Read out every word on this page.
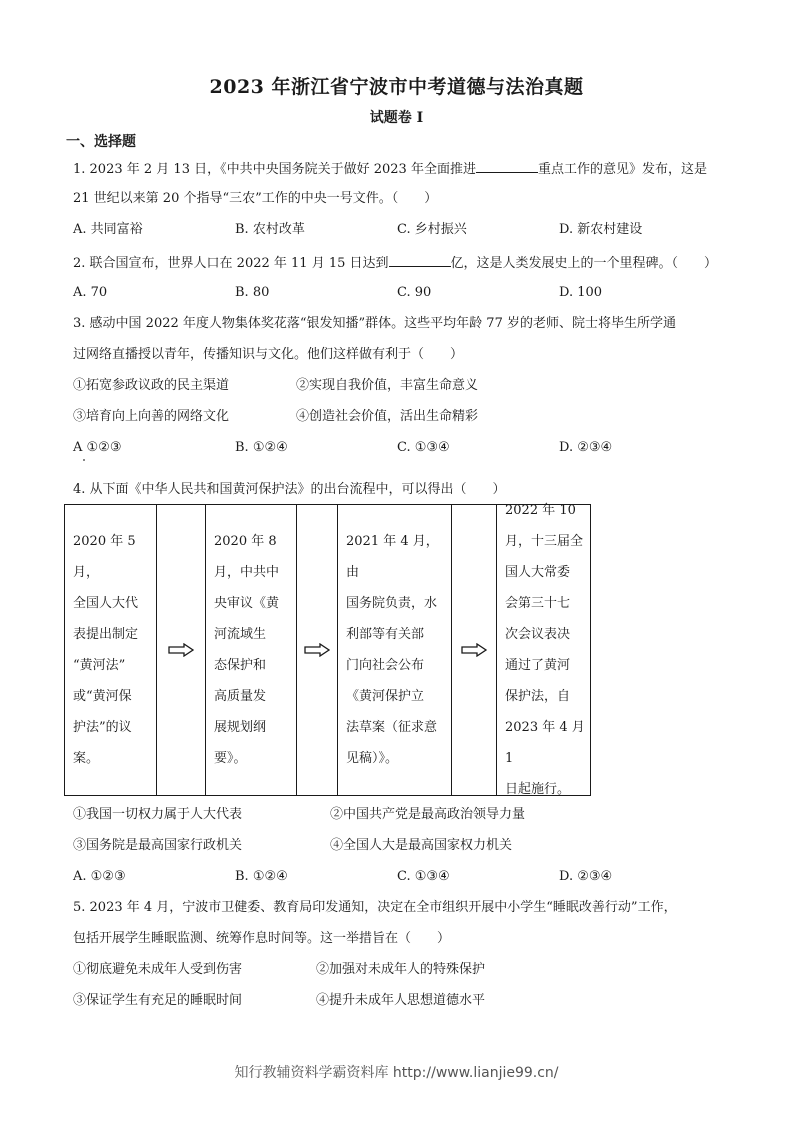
2023 年浙江省宁波市中考道德与法治真题
试题卷 I
一、选择题
1. 2023 年 2 月 13 日，《中共中央国务院关于做好 2023 年全面推进	重点工作的意见》发布，这是
21 世纪以来第 20 个指导“三农”工作的中央一号文件。（　　）
A. 共同富裕	B. 农村改革	C. 乡村振兴	D. 新农村建设
2. 联合国宣布，世界人口在 2022 年 11 月 15 日达到	亿，这是人类发展史上的一个里程碑。（　　）
A. 70	B. 80	C. 90	D. 100
3. 感动中国 2022 年度人物集体奖花落“银发知播”群体。这些平均年龄 77 岁的老师、院士将毕生所学通
过网络直播授以青年，传播知识与文化。他们这样做有利于（　　）
①拓宽参政议政的民主渠道	②实现自我价值，丰富生命意义
③培育向上向善的网络文化	④创造社会价值，活出生命精彩
A ①②③	B. ①②④	C. ①③④	D. ②③④
4. 从下面《中华人民共和国黄河保护法》的出台流程中，可以得出（　　）
2020 年 5 月，
全国人大代
表提出制定
“黄河法”
或“黄河保
护法”的议
案。
2020 年 8
月，中共中
央审议《黄
河流域生
态保护和
高质量发
展规划纲
要》。
2021 年 4 月，由
国务院负责，水
利部等有关部
门向社会公布
《黄河保护立
法草案（征求意
见稿）》。
2022 年 10
月，十三届全
国人大常委
会第三十七
次会议表决
通过了黄河
保护法，自
2023 年 4 月 1
日起施行。
①我国一切权力属于人大代表	②中国共产党是最高政治领导力量
③国务院是最高国家行政机关	④全国人大是最高国家权力机关
A. ①②③	B. ①②④	C. ①③④	D. ②③④
5. 2023 年 4 月，宁波市卫健委、教育局印发通知，决定在全市组织开展中小学生“睡眠改善行动”工作，
包括开展学生睡眠监测、统筹作息时间等。这一举措旨在（　　）
①彻底避免未成年人受到伤害	②加强对未成年人的特殊保护
③保证学生有充足的睡眠时间	④提升未成年人思想道德水平
知行教辅资料学霸资料库 http://www.lianjie99.cn/
